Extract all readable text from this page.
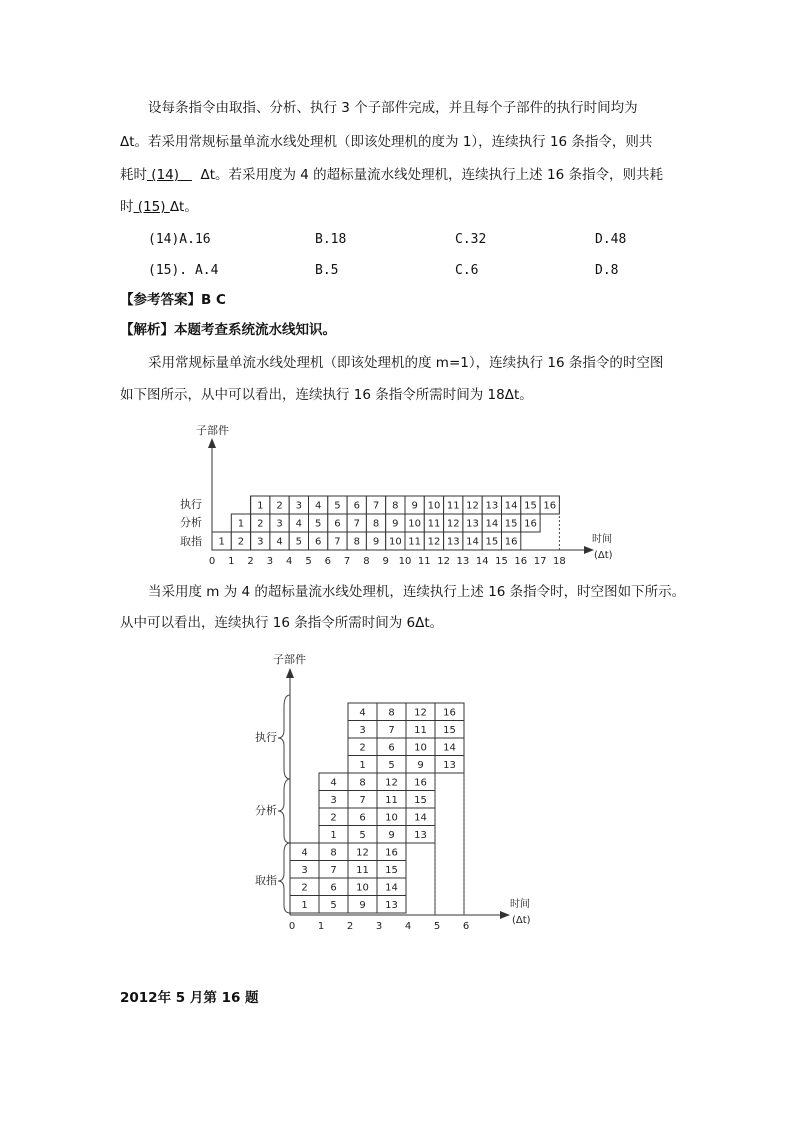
设每条指令由取指、分析、执行 3 个子部件完成，并且每个子部件的执行时间均为
Δt。若采用常规标量单流水线处理机（即该处理机的度为 1），连续执行 16 条指令，则共
耗时 (14) Δt。若采用度为 4 的超标量流水线处理机，连续执行上述 16 条指令，则共耗
时 (15) Δt。
(14)A.16	B.18	C.32	D.48
(15). A.4	B.5	C.6	D.8
【参考答案】B C
【解析】本题考查系统流水线知识。
采用常规标量单流水线处理机（即该处理机的度 m=1），连续执行 16 条指令的时空图
如下图所示，从中可以看出，连续执行 16 条指令所需时间为 18Δt。
子部件
执行
分析
取指	时间
(Δt)
1 2 3 4 5 6 7 8 9 10 11 12 13 14 15 16
1 2 3 4 5 6 7 8 9 10 11 12 13 14 15 16
1 2 3 4 5 6 7 8 9 10 11 12 13 14 15 16
0 1 2 3 4 5 6 7 8 9 10 11 12 13 14 15 16 17 18
当采用度 m 为 4 的超标量流水线处理机，连续执行上述 16 条指令时，时空图如下所示。
从中可以看出，连续执行 16 条指令所需时间为 6Δt。
子部件
执行
分析
取指
时间
(Δt)
4 8 12 16
3 7 11 15
2 6 10 14
1 5 9 13
4 8 12 16
3 7 11 15
2 6 10 14
1 5 9 13
4 8 12 16
3 7 11 15
2 6 10 14
1 5 9 13
0 1 2 3 4 5 6
2012年 5 月第 16 题
